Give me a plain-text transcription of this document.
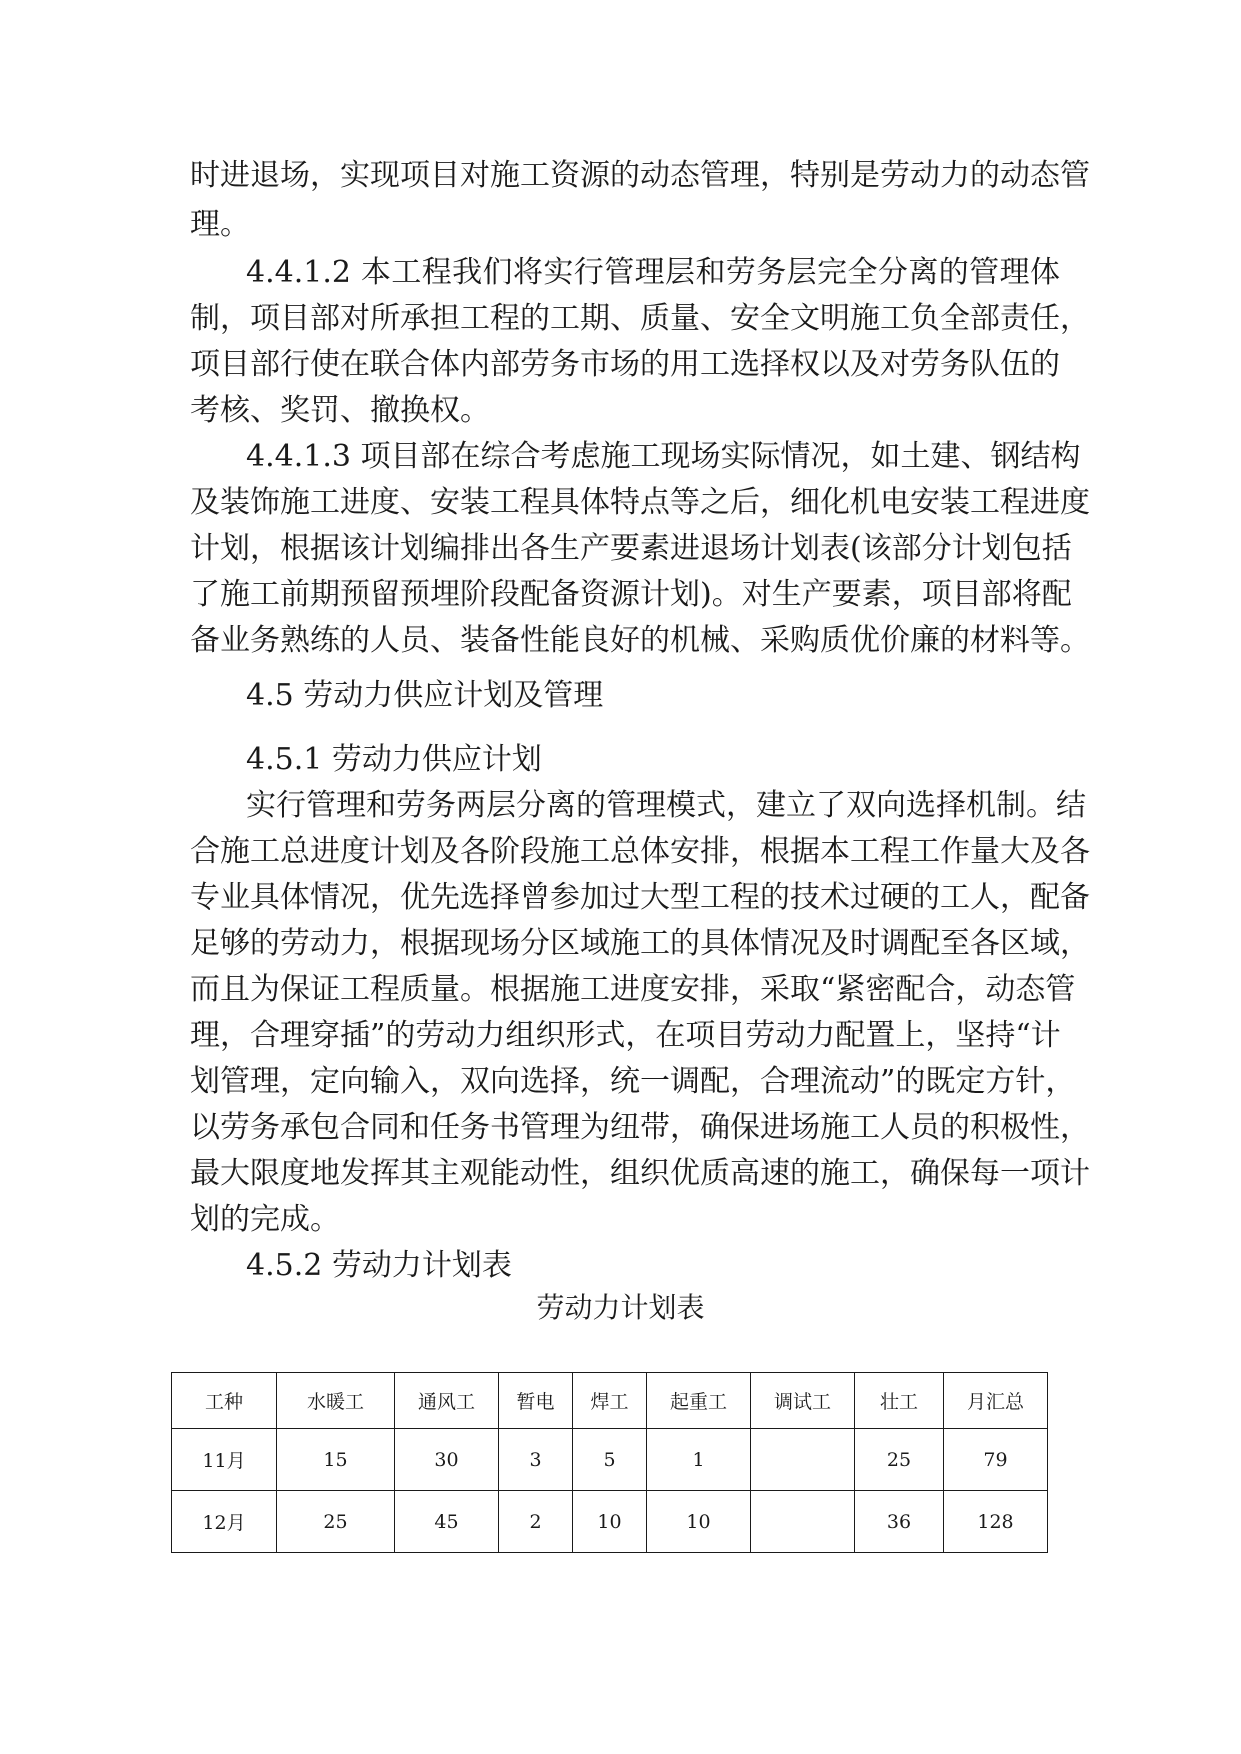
时进退场，实现项目对施工资源的动态管理，特别是劳动力的动态管
理。
4.4.1.2 本工程我们将实行管理层和劳务层完全分离的管理体
制，项目部对所承担工程的工期、质量、安全文明施工负全部责任，
项目部行使在联合体内部劳务市场的用工选择权以及对劳务队伍的
考核、奖罚、撤换权。
4.4.1.3 项目部在综合考虑施工现场实际情况，如土建、钢结构
及装饰施工进度、安装工程具体特点等之后，细化机电安装工程进度
计划，根据该计划编排出各生产要素进退场计划表(该部分计划包括
了施工前期预留预埋阶段配备资源计划)。对生产要素，项目部将配
备业务熟练的人员、装备性能良好的机械、采购质优价廉的材料等。
4.5 劳动力供应计划及管理
4.5.1 劳动力供应计划
实行管理和劳务两层分离的管理模式，建立了双向选择机制。结
合施工总进度计划及各阶段施工总体安排，根据本工程工作量大及各
专业具体情况，优先选择曾参加过大型工程的技术过硬的工人，配备
足够的劳动力，根据现场分区域施工的具体情况及时调配至各区域，
而且为保证工程质量。根据施工进度安排，采取“紧密配合，动态管
理，合理穿插”的劳动力组织形式，在项目劳动力配置上，坚持“计
划管理，定向输入，双向选择，统一调配，合理流动”的既定方针，
以劳务承包合同和任务书管理为纽带，确保进场施工人员的积极性，
最大限度地发挥其主观能动性，组织优质高速的施工，确保每一项计
划的完成。
4.5.2 劳动力计划表
劳动力计划表
工种	水暖工	通风工	暂电	焊工	起重工	调试工	壮工	月汇总
11月	15	30	3	5	1		25	79
12月	25	45	2	10	10		36	128
